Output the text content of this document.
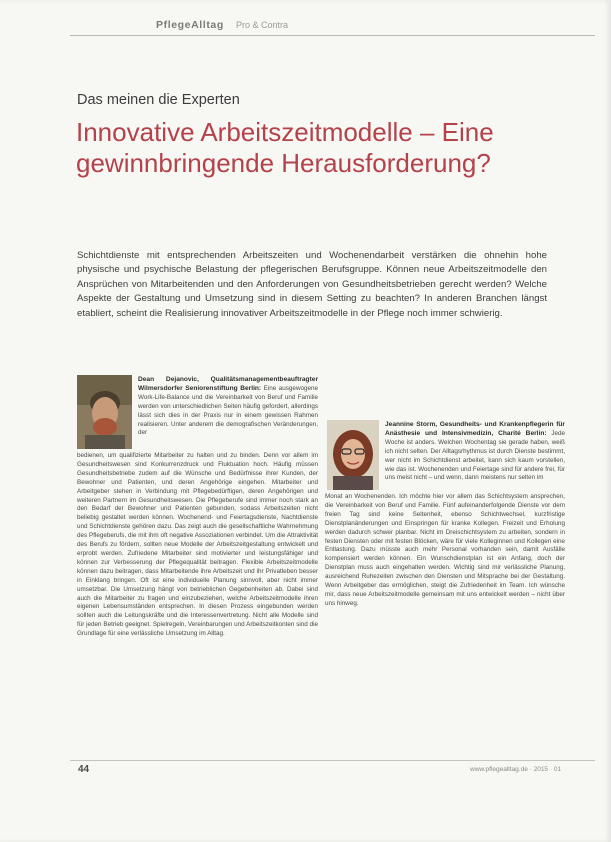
PflegeAlltag Pro & Contra
Das meinen die Experten
Innovative Arbeitszeitmodelle – Eine gewinnbringende Herausforderung?

Schichtdienste mit entsprechenden Arbeitszeiten und Wochenendarbeit verstärken die ohnehin hohe physische und psychische Belastung der pflegerischen Berufsgruppe. Können neue Arbeitszeitmodelle den Ansprüchen von Mitarbeitenden und den Anforderungen von Gesundheitsbetrieben gerecht werden? Welche Aspekte der Gestaltung und Umsetzung sind in diesem Setting zu beachten? In anderen Branchen längst etabliert, scheint die Realisierung innovativer Arbeitszeitmodelle in der Pflege noch immer schwierig.

Dean Dejanovic, Qualitätsmanagementbeauftragter Wilmersdorfer Seniorenstiftung Berlin: Eine ausgewogene Work-Life-Balance und die Vereinbarkeit von Beruf und Familie werden von unterschiedlichen Seiten häufig gefordert, allerdings lässt sich dies in der Praxis nur in einem gewissen Rahmen realisieren. Unter anderem die demografischen Veränderungen, der
bedienen, um qualifizierte Mitarbeiter zu halten und zu binden. Denn vor allem im Gesundheitswesen sind Konkurrenzdruck und Fluktuation hoch. Häufig müssen Gesundheitsbetriebe zudem auf die Wünsche und Bedürfnisse ihrer Kunden, der Bewohner und Patienten, und deren Angehörige eingehen. Mitarbeiter und Arbeitgeber stehen in Verbindung mit Pflegebedürftigen, deren Angehörigen und weiteren Partnern im Gesundheitswesen. Die Pflegeberufe sind immer noch stark an den Bedarf der Bewohner und Patienten gebunden, sodass Arbeitszeiten nicht beliebig gestaltet werden können. Wochenend- und Feiertagsdienste, Nachtdienste und Schichtdienste gehören dazu. Das zeigt auch die gesellschaftliche Wahrnehmung des Pflegeberufs, die mit ihm oft negative Assoziationen verbindet. Um die Attraktivität des Berufs zu fördern, sollten neue Modelle der Arbeitszeitgestaltung entwickelt und erprobt werden. Zufriedene Mitarbeiter sind motivierter und leistungsfähiger und können zur Verbesserung der Pflegequalität beitragen. Flexible Arbeitszeitmodelle können dazu beitragen, dass Mitarbeitende ihre Arbeitszeit und ihr Privatleben besser in Einklang bringen. Oft ist eine individuelle Planung sinnvoll, aber nicht immer umsetzbar. Die Umsetzung hängt von betrieblichen Gegebenheiten ab. Dabei sind auch die Mitarbeiter zu fragen und einzubeziehen, welche Arbeitszeitmodelle ihren eigenen Lebensumständen entsprechen. In diesen Prozess eingebunden werden sollten auch die Leitungskräfte und die Interessenvertretung. Nicht alle Modelle sind für jeden Betrieb geeignet. Spielregeln, Vereinbarungen und Arbeitszeitkonten sind die Grundlage für eine verlässliche Umsetzung im Alltag.
Jeannine Storm, Gesundheits- und Krankenpflegerin für Anästhesie und Intensivmedizin, Charité Berlin: Jede Woche ist anders. Welchen Wochentag sie gerade haben, weiß ich nicht selten. Der Alltagsrhythmus ist durch Dienste bestimmt, wer nicht im Schichtdienst arbeitet, kann sich kaum vorstellen, wie das ist. Wochenenden und Feiertage sind für andere frei, für uns meist nicht – und wenn, dann meistens nur selten im
Monat an Wochenenden. Ich möchte hier vor allem das Schichtsystem ansprechen, die Vereinbarkeit von Beruf und Familie. Fünf aufeinanderfolgende Dienste vor dem freien Tag sind keine Seltenheit, ebenso Schichtwechsel, kurzfristige Dienstplanänderungen und Einspringen für kranke Kollegen. Freizeit und Erholung werden dadurch schwer planbar. Nicht im Dreischichtsystem zu arbeiten, sondern in festen Diensten oder mit festen Blöcken, wäre für viele Kolleginnen und Kollegen eine Entlastung. Dazu müsste auch mehr Personal vorhanden sein, damit Ausfälle kompensiert werden können. Ein Wunschdienstplan ist ein Anfang, doch der Dienstplan muss auch eingehalten werden. Wichtig sind mir verlässliche Planung, ausreichend Ruhezeiten zwischen den Diensten und Mitsprache bei der Gestaltung. Wenn Arbeitgeber das ermöglichen, steigt die Zufriedenheit im Team. Ich wünsche mir, dass neue Arbeitszeitmodelle gemeinsam mit uns entwickelt werden – nicht über uns hinweg.
44	www.pflegealltag.de · 2015 · 01
